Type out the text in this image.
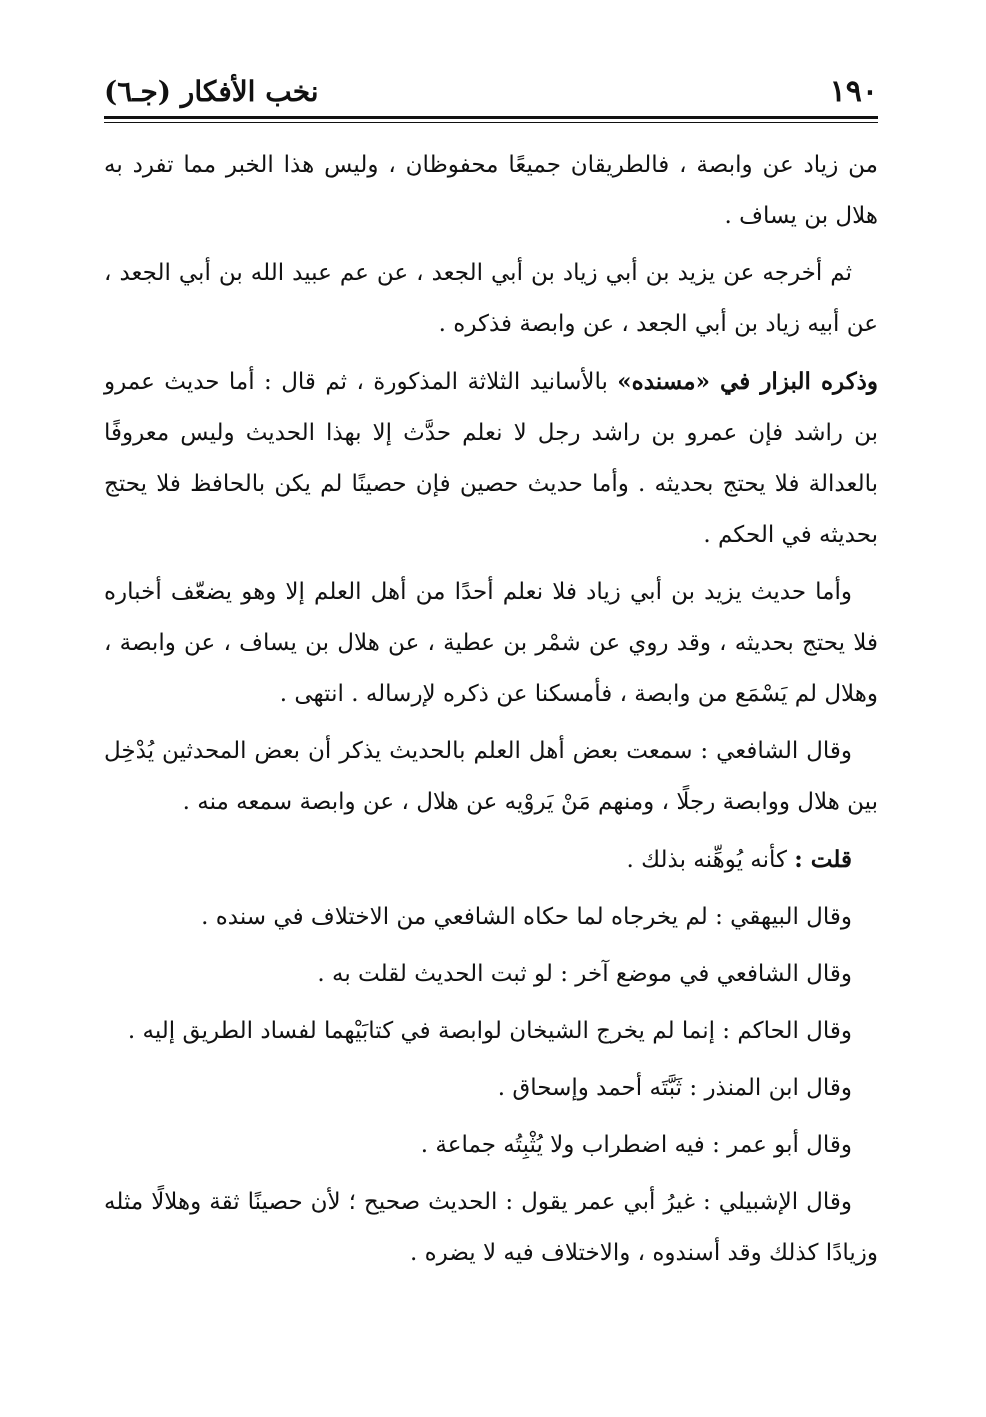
١٩٠
نخب الأفكار (جـ٦)

من زياد عن وابصة ، فالطريقان جميعًا محفوظان ، وليس هذا الخبر مما تفرد به هلال بن يساف .

ثم أخرجه عن يزيد بن أبي زياد بن أبي الجعد ، عن عم عبيد الله بن أبي الجعد ، عن أبيه زياد بن أبي الجعد ، عن وابصة فذكره .

وذكره البزار في «مسنده» بالأسانيد الثلاثة المذكورة ، ثم قال : أما حديث عمرو بن راشد فإن عمرو بن راشد رجل لا نعلم حدَّث إلا بهذا الحديث وليس معروفًا بالعدالة فلا يحتج بحديثه . وأما حديث حصين فإن حصينًا لم يكن بالحافظ فلا يحتج بحديثه في الحكم .

وأما حديث يزيد بن أبي زياد فلا نعلم أحدًا من أهل العلم إلا وهو يضعّف أخباره فلا يحتج بحديثه ، وقد روي عن شمْر بن عطية ، عن هلال بن يساف ، عن وابصة ، وهلال لم يَسْمَع من وابصة ، فأمسكنا عن ذكره لإرساله . انتهى .

وقال الشافعي : سمعت بعض أهل العلم بالحديث يذكر أن بعض المحدثين يُدْخِل بين هلال ووابصة رجلًا ، ومنهم مَنْ يَروْيه عن هلال ، عن وابصة سمعه منه .

قلت : كأنه يُوهِّنه بذلك .

وقال البيهقي : لم يخرجاه لما حكاه الشافعي من الاختلاف في سنده .

وقال الشافعي في موضع آخر : لو ثبت الحديث لقلت به .

وقال الحاكم : إنما لم يخرج الشيخان لوابصة في كتابَيْهما لفساد الطريق إليه .

وقال ابن المنذر : ثَبَّتَه أحمد وإسحاق .

وقال أبو عمر : فيه اضطراب ولا يُثْبِتُه جماعة .

وقال الإشبيلي : غيرُ أبي عمر يقول : الحديث صحيح ؛ لأن حصينًا ثقة وهلالًا مثله وزيادًا كذلك وقد أسندوه ، والاختلاف فيه لا يضره .
